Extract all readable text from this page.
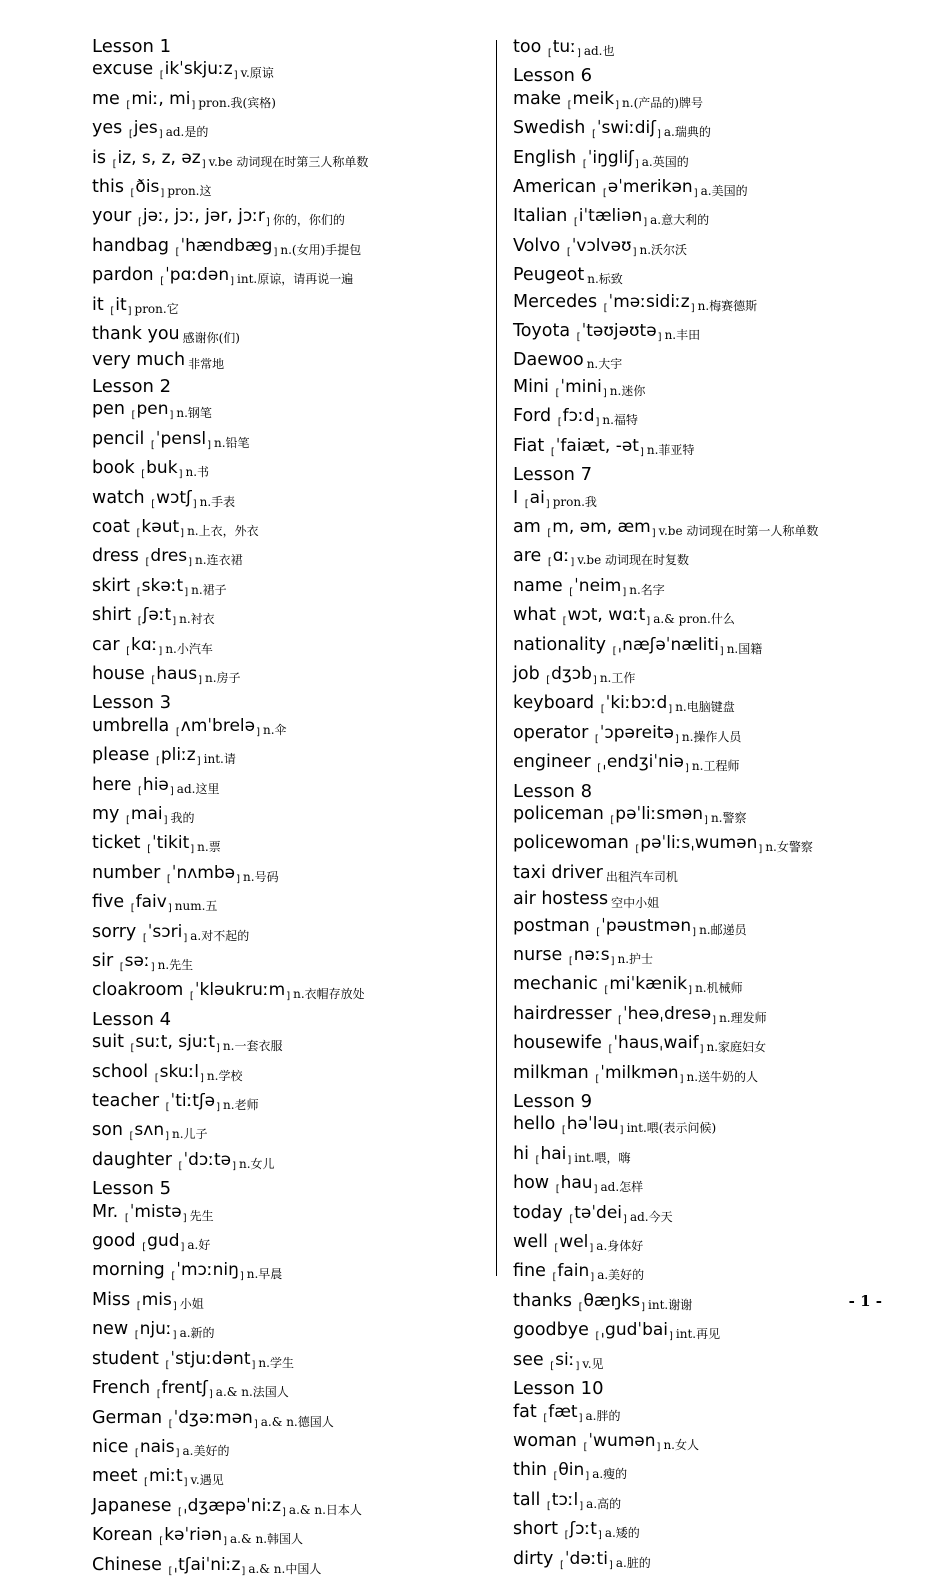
Lesson 1
excuse [ ikˈskjuːz ] v.原谅
me [ miː, mi ] pron.我(宾格)
yes [ jes ] ad.是的
is [ iz, s, z, əz ] v.be 动词现在时第三人称单数
this [ ðis ] pron.这
your [ jəː, jɔː, jər, jɔːr ] 你的，你们的
handbag [ ˈhændbæg ] n.(女用)手提包
pardon [ ˈpɑːdən ] int.原谅，请再说一遍
it [ it ] pron.它
thank you 感谢你(们)
very much 非常地
Lesson 2
pen [ pen ] n.钢笔
pencil [ ˈpensl ] n.铅笔
book [ buk ] n.书
watch [ wɔtʃ ] n.手表
coat [ kəut ] n.上衣，外衣
dress [ dres ] n.连衣裙
skirt [ skəːt ] n.裙子
shirt [ ʃəːt ] n.衬衣
car [ kɑː ] n.小汽车
house [ haus ] n.房子
Lesson 3
umbrella [ ʌmˈbrelə ] n.伞
please [ pliːz ] int.请
here [ hiə ] ad.这里
my [ mai ] 我的
ticket [ ˈtikit ] n.票
number [ ˈnʌmbə ] n.号码
five [ faiv ] num.五
sorry [ ˈsɔri ] a.对不起的
sir [ səː ] n.先生
cloakroom [ ˈkləukruːm ] n.衣帽存放处
Lesson 4
suit [ suːt, sjuːt ] n.一套衣服
school [ skuːl ] n.学校
teacher [ ˈtiːtʃə ] n.老师
son [ sʌn ] n.儿子
daughter [ ˈdɔːtə ] n.女儿
Lesson 5
Mr. [ ˈmistə ] 先生
good [ gud ] a.好
morning [ ˈmɔːniŋ ] n.早晨
Miss [ mis ] 小姐
new [ njuː ] a.新的
student [ ˈstjuːdənt ] n.学生
French [ frentʃ ] a.& n.法国人
German [ ˈdʒəːmən ] a.& n.德国人
nice [ nais ] a.美好的
meet [ miːt ] v.遇见
Japanese [ ˌdʒæpəˈniːz ] a.& n.日本人
Korean [ kəˈriən ] a.& n.韩国人
Chinese [ ˌtʃaiˈniːz ] a.& n.中国人
too [ tuː ] ad.也
Lesson 6
make [ meik ] n.(产品的)牌号
Swedish [ ˈswiːdiʃ ] a.瑞典的
English [ ˈiŋgliʃ ] a.英国的
American [ əˈmerikən ] a.美国的
Italian [ iˈtæliən ] a.意大利的
Volvo [ ˈvɔlvəʊ ] n.沃尔沃
Peugeot n.标致
Mercedes [ ˈməːsidiːz ] n.梅赛德斯
Toyota [ ˈtəʊjəʊtə ] n.丰田
Daewoo n.大宇
Mini [ ˈmini ] n.迷你
Ford [ fɔːd ] n.福特
Fiat [ ˈfaiæt, -ət ] n.菲亚特
Lesson 7
I [ ai ] pron.我
am [ m, əm, æm ] v.be 动词现在时第一人称单数
are [ ɑː ] v.be 动词现在时复数
name [ ˈneim ] n.名字
what [ wɔt, wɑːt ] a.& pron.什么
nationality [ ˌnæʃəˈnæliti ] n.国籍
job [ dʒɔb ] n.工作
keyboard [ ˈkiːbɔːd ] n.电脑键盘
operator [ ˈɔpəreitə ] n.操作人员
engineer [ ˌendʒiˈniə ] n.工程师
Lesson 8
policeman [ pəˈliːsmən ] n.警察
policewoman [ pəˈliːsˌwumən ] n.女警察
taxi driver 出租汽车司机
air hostess 空中小姐
postman [ ˈpəustmən ] n.邮递员
nurse [ nəːs ] n.护士
mechanic [ miˈkænik ] n.机械师
hairdresser [ ˈheəˌdresə ] n.理发师
housewife [ ˈhausˌwaif ] n.家庭妇女
milkman [ ˈmilkmən ] n.送牛奶的人
Lesson 9
hello [ həˈləu ] int.喂(表示问候)
hi [ hai ] int.喂，嗨
how [ hau ] ad.怎样
today [ təˈdei ] ad.今天
well [ wel ] a.身体好
fine [ fain ] a.美好的
thanks [ θæŋks ] int.谢谢
goodbye [ ˌgudˈbai ] int.再见
see [ siː ] v.见
Lesson 10
fat [ fæt ] a.胖的
woman [ ˈwumən ] n.女人
thin [ θin ] a.瘦的
tall [ tɔːl ] a.高的
short [ ʃɔːt ] a.矮的
dirty [ ˈdəːti ] a.脏的
- 1 -
